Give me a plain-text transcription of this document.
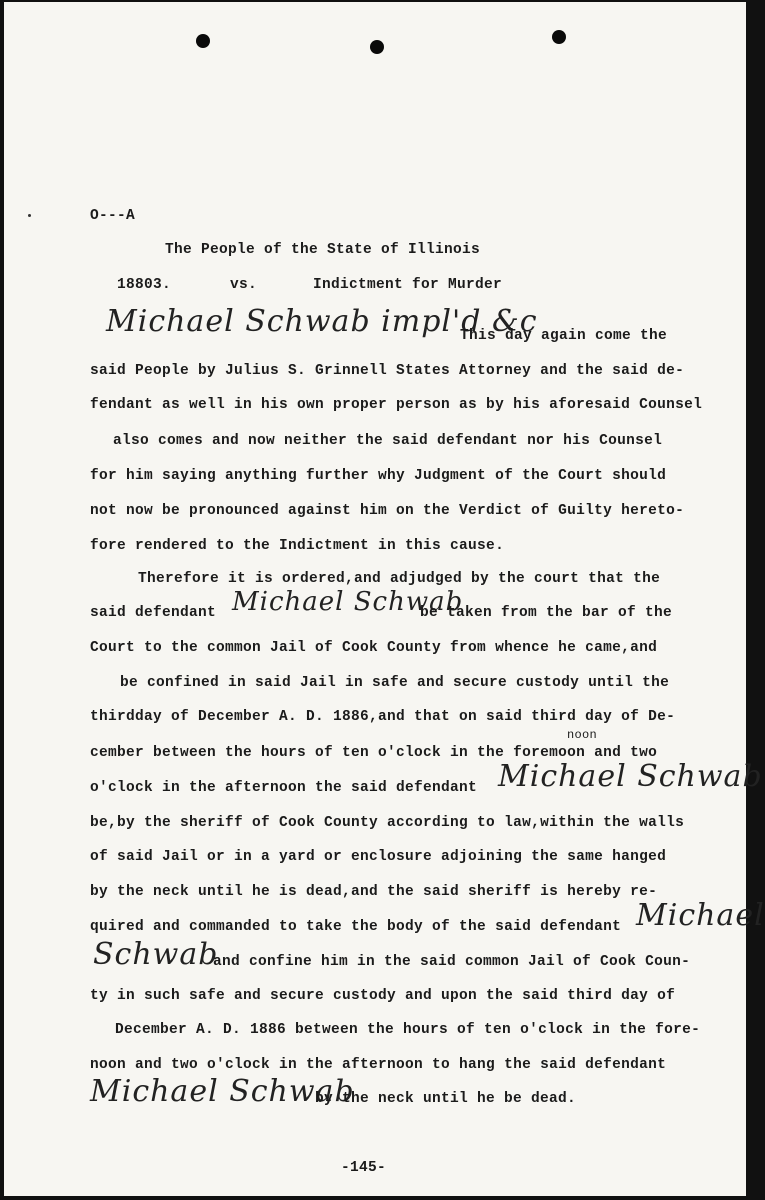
O---A
The People of the State of Illinois
18803.	vs.	Indictment for Murder
Michael Schwab impl'd &c
This day again come the
said People by Julius S. Grinnell States Attorney and the said de-
fendant as well in his own proper person as by his aforesaid Counsel
also comes and now neither the said defendant nor his Counsel
for him saying anything further why Judgment of the Court should
not now be pronounced against him on the Verdict of Guilty hereto-
fore rendered to the Indictment in this cause.
Therefore it is ordered,and adjudged by the court that the
said defendant Michael Schwab
be taken from the bar of the
Court to the common Jail of Cook County from whence he came,and
be confined in said Jail in safe and secure custody until the
thirdday of December A. D. 1886,and that on said third day of De-
noon
cember between the hours of ten o'clock in the foremoon and two
o'clock in the afternoon the said defendant Michael Schwab
be,by the sheriff of Cook County according to law,within the walls
of said Jail or in a yard or enclosure adjoining the same hanged
by the neck until he is dead,and the said sheriff is hereby re-
quired and commanded to take the body of the said defendant Michael
Schwab
and confine him in the said common Jail of Cook Coun-
ty in such safe and secure custody and upon the said third day of
December A. D. 1886 between the hours of ten o'clock in the fore-
noon and two o'clock in the afternoon to hang the said defendant
Michael Schwab
by the neck until he be dead.
-145-
